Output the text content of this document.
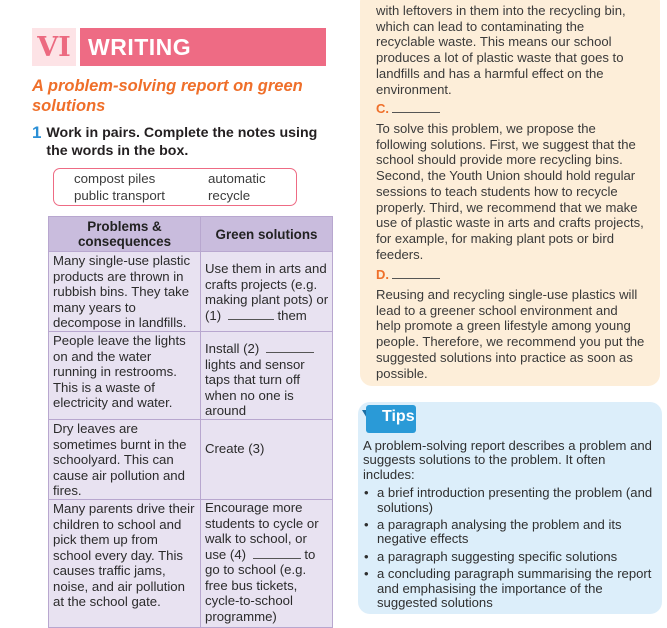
VI WRITING
A problem-solving report on green solutions
1 Work in pairs. Complete the notes using the words in the box.
compost piles	automatic
public transport	recycle
Problems & consequences	Green solutions
Many single-use plastic products are thrown in rubbish bins. They take many years to decompose in landfills.	Use them in arts and crafts projects (e.g. making plant pots) or (1) them
People leave the lights on and the water running in restrooms. This is a waste of electricity and water.	Install (2)  lights and sensor taps that turn off when no one is around
Dry leaves are sometimes burnt in the schoolyard. This can cause air pollution and fires.	Create (3)
Many parents drive their children to school and pick them up from school every day. This causes traffic jams, noise, and air pollution at the school gate.	Encourage more students to cycle or walk to school, or use (4) to go to school (e.g. free bus tickets, cycle-to-school programme)

with leftovers in them into the recycling bin, which can lead to contaminating the recyclable waste. This means our school produces a lot of plastic waste that goes to landfills and has a harmful effect on the environment.

C.

To solve this problem, we propose the following solutions. First, we suggest that the school should provide more recycling bins. Second, the Youth Union should hold regular sessions to teach students how to recycle properly. Third, we recommend that we make use of plastic waste in arts and crafts projects, for example, for making plant pots or bird feeders.

D.

Reusing and recycling single-use plastics will lead to a greener school environment and help promote a green lifestyle among young people. Therefore, we recommend you put the suggested solutions into practice as soon as possible.

Tips
A problem-solving report describes a problem and suggests solutions to the problem. It often includes:
• a brief introduction presenting the problem (and solutions)
• a paragraph analysing the problem and its negative effects
• a paragraph suggesting specific solutions
• a concluding paragraph summarising the report and emphasising the importance of the suggested solutions
